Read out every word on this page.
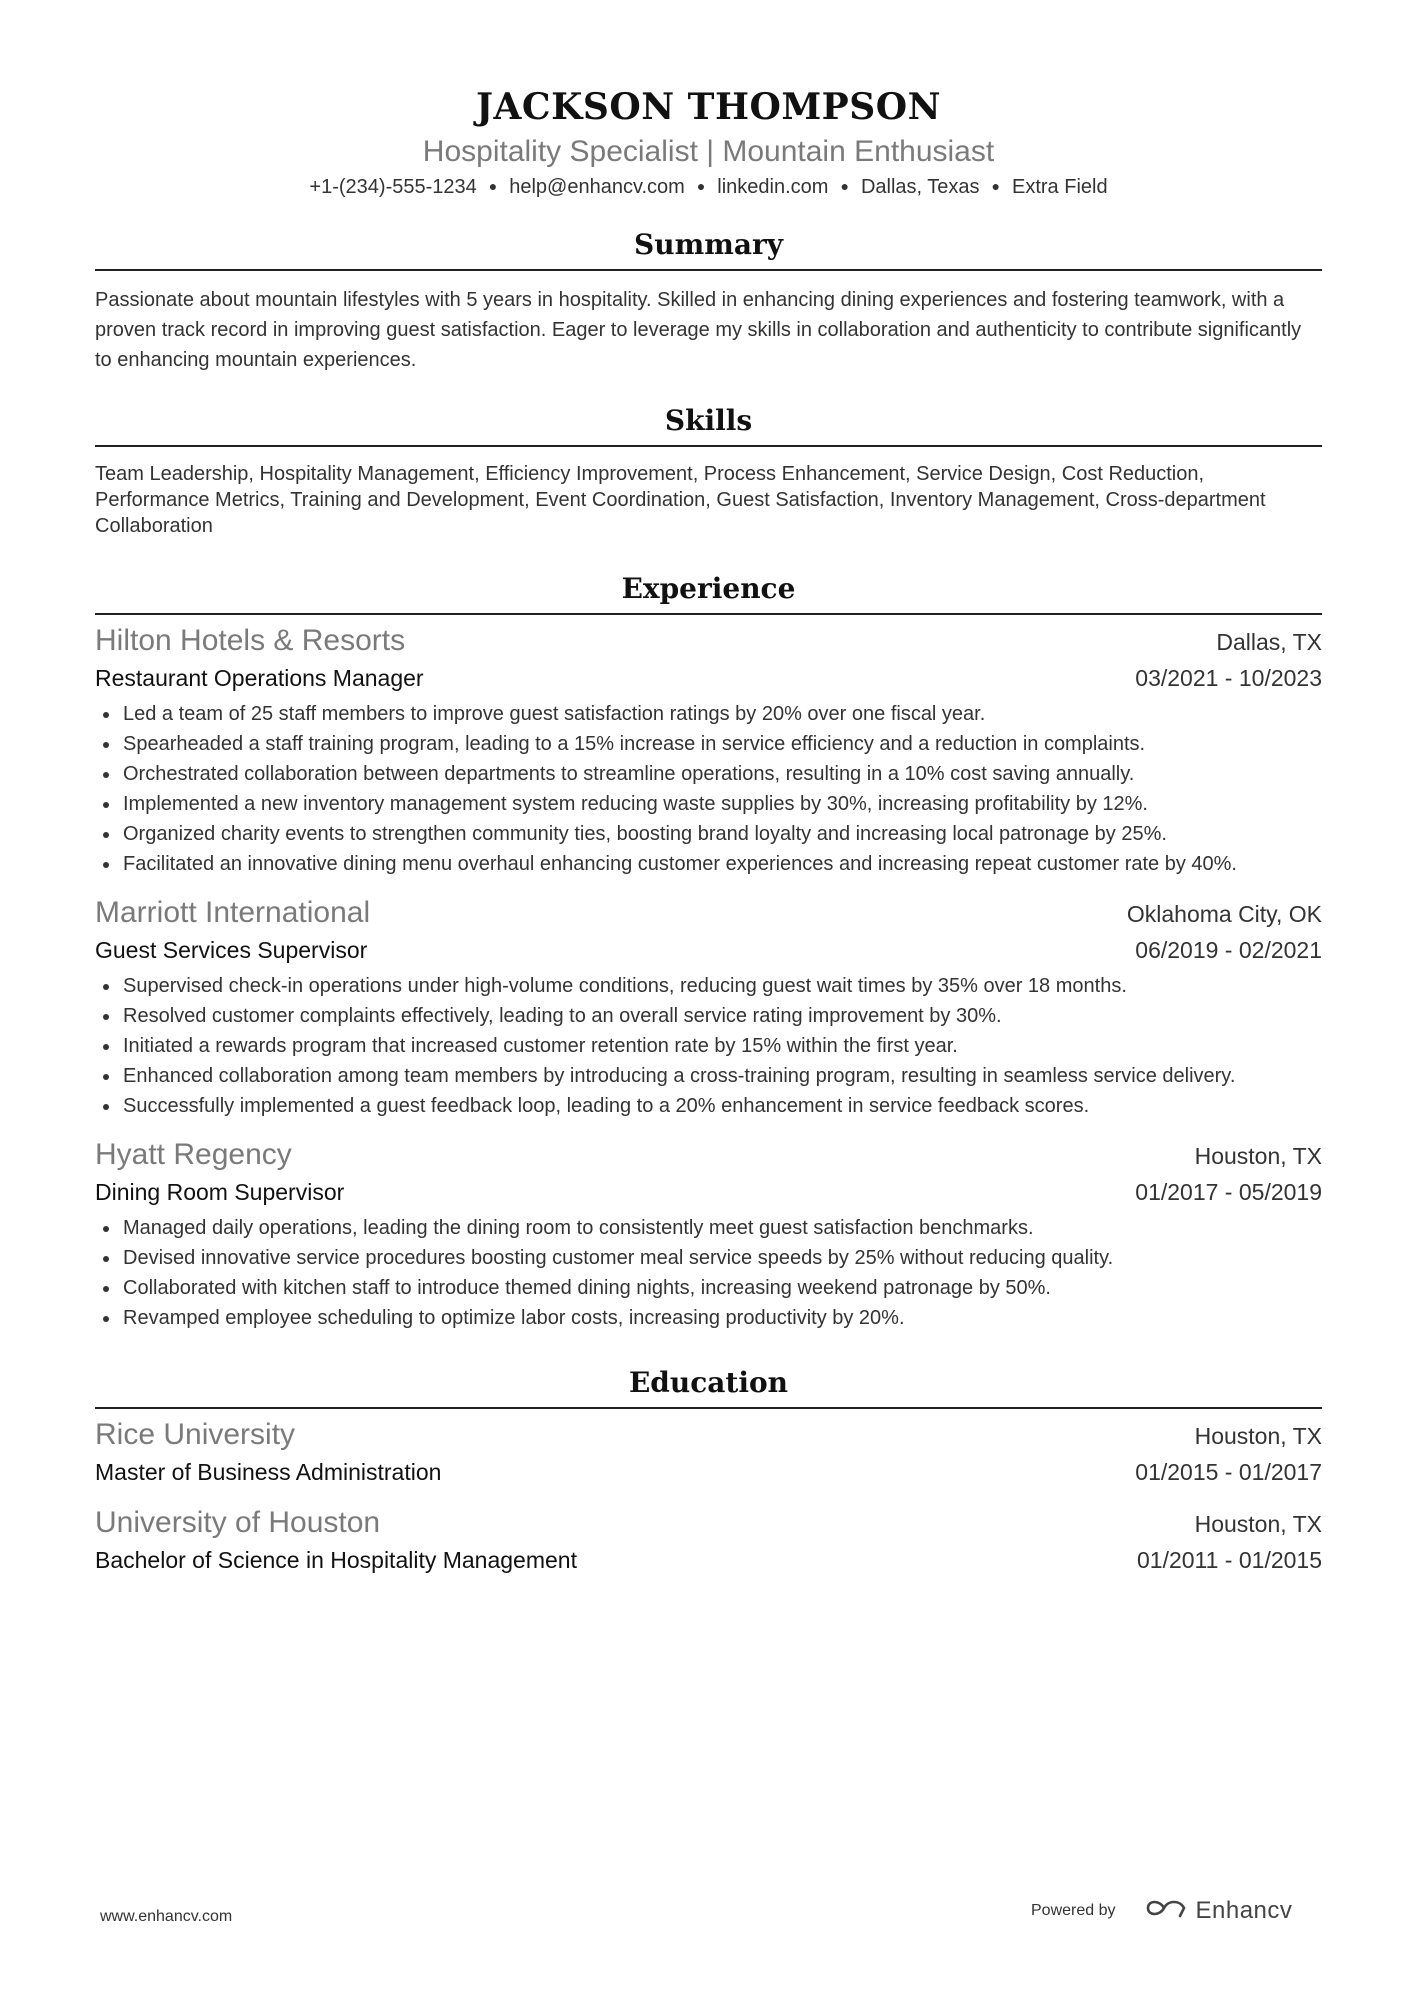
JACKSON THOMPSON

Hospitality Specialist | Mountain Enthusiast

+1-(234)-555-1234 ● help@enhancv.com ● linkedin.com ● Dallas, Texas ● Extra Field
Summary
Passionate about mountain lifestyles with 5 years in hospitality. Skilled in enhancing dining experiences and fostering teamwork, with a proven track record in improving guest satisfaction. Eager to leverage my skills in collaboration and authenticity to contribute significantly to enhancing mountain experiences.
Skills
Team Leadership, Hospitality Management, Efficiency Improvement, Process Enhancement, Service Design, Cost Reduction, Performance Metrics, Training and Development, Event Coordination, Guest Satisfaction, Inventory Management, Cross-department Collaboration
Experience
Hilton Hotels & Resorts	Dallas, TX
Restaurant Operations Manager	03/2021 - 10/2023
Led a team of 25 staff members to improve guest satisfaction ratings by 20% over one fiscal year.
Spearheaded a staff training program, leading to a 15% increase in service efficiency and a reduction in complaints.
Orchestrated collaboration between departments to streamline operations, resulting in a 10% cost saving annually.
Implemented a new inventory management system reducing waste supplies by 30%, increasing profitability by 12%.
Organized charity events to strengthen community ties, boosting brand loyalty and increasing local patronage by 25%.
Facilitated an innovative dining menu overhaul enhancing customer experiences and increasing repeat customer rate by 40%.
Marriott International	Oklahoma City, OK
Guest Services Supervisor	06/2019 - 02/2021
Supervised check-in operations under high-volume conditions, reducing guest wait times by 35% over 18 months.
Resolved customer complaints effectively, leading to an overall service rating improvement by 30%.
Initiated a rewards program that increased customer retention rate by 15% within the first year.
Enhanced collaboration among team members by introducing a cross-training program, resulting in seamless service delivery.
Successfully implemented a guest feedback loop, leading to a 20% enhancement in service feedback scores.
Hyatt Regency	Houston, TX
Dining Room Supervisor	01/2017 - 05/2019
Managed daily operations, leading the dining room to consistently meet guest satisfaction benchmarks.
Devised innovative service procedures boosting customer meal service speeds by 25% without reducing quality.
Collaborated with kitchen staff to introduce themed dining nights, increasing weekend patronage by 50%.
Revamped employee scheduling to optimize labor costs, increasing productivity by 20%.
Education
Rice University	Houston, TX
Master of Business Administration	01/2015 - 01/2017
University of Houston	Houston, TX
Bachelor of Science in Hospitality Management	01/2011 - 01/2015
www.enhancv.com	Powered by	Enhancv
